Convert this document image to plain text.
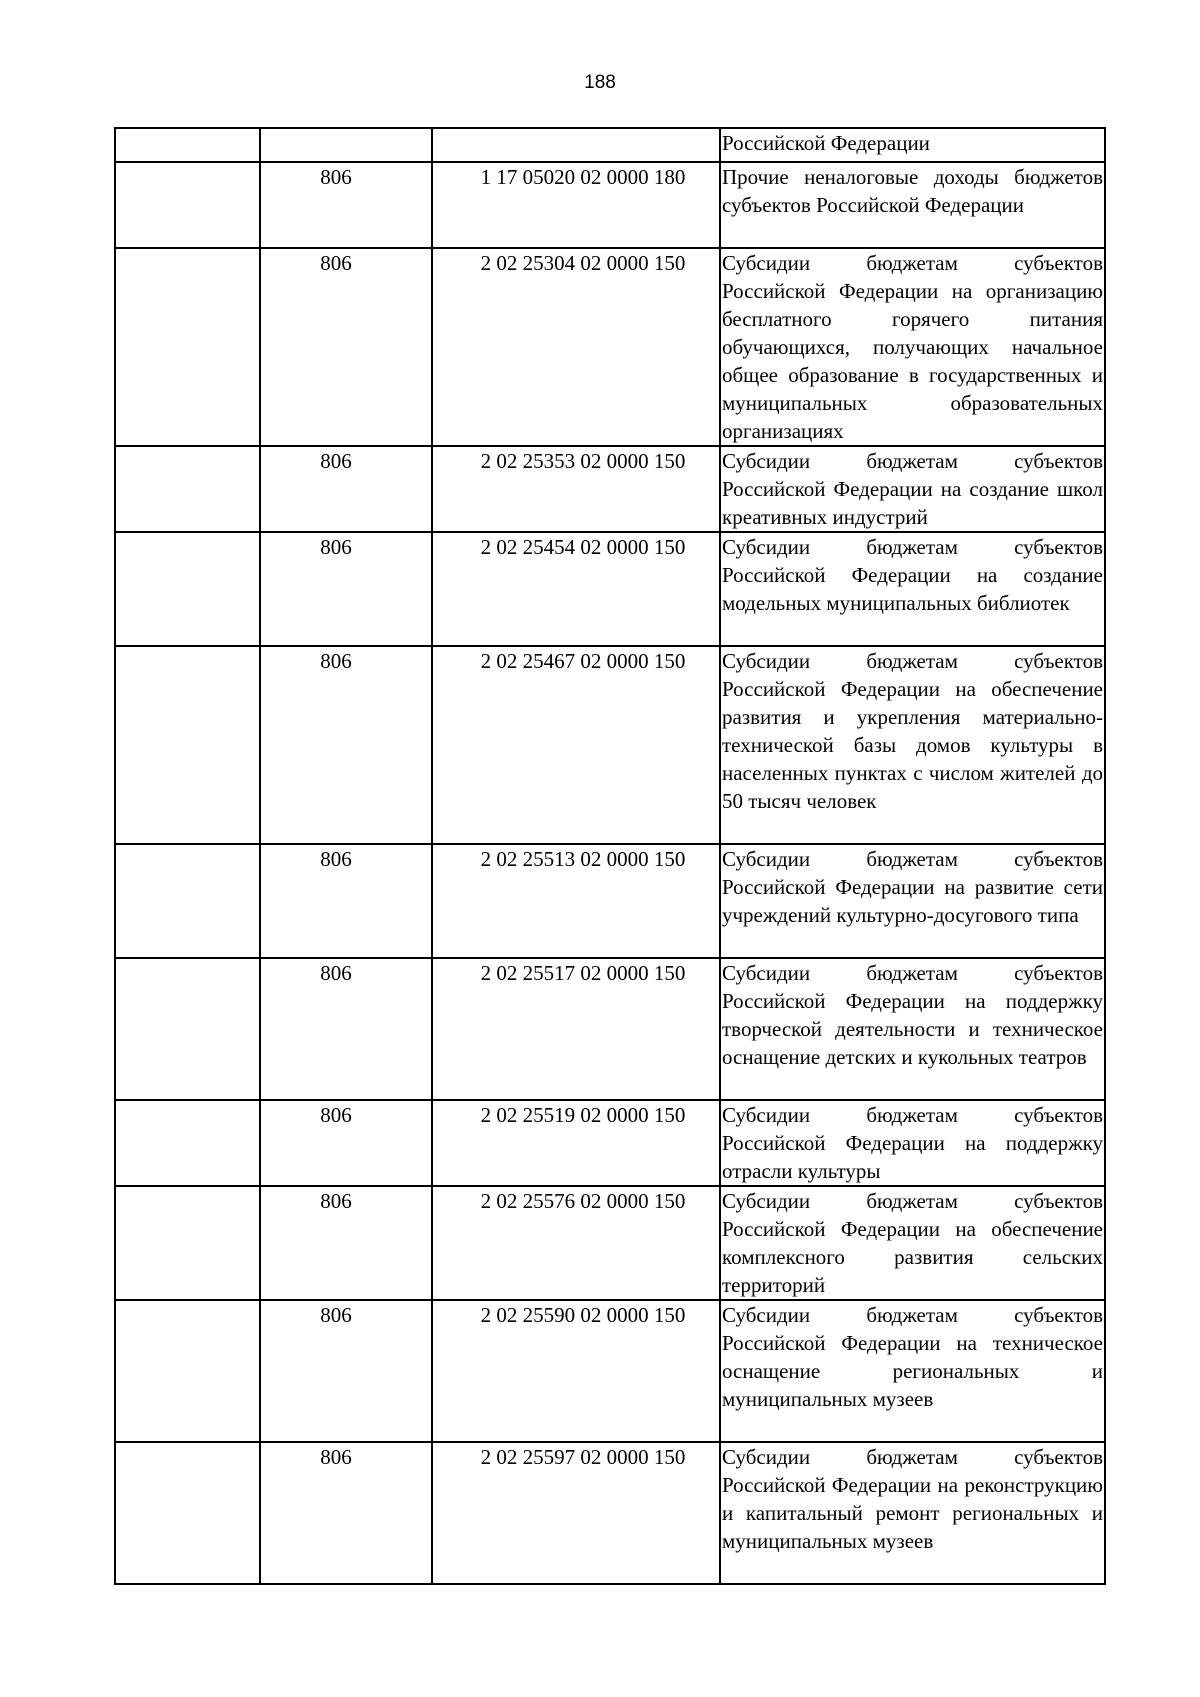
188
			Российской Федерации
	806	1 17 05020 02 0000 180	Прочие неналоговые доходы бюджетов субъектов Российской Федерации
	806	2 02 25304 02 0000 150	Субсидии бюджетам субъектов Российской Федерации на организацию бесплатного горячего питания обучающихся, получающих начальное общее образование в государственных и муниципальных образовательных организациях
	806	2 02 25353 02 0000 150	Субсидии бюджетам субъектов Российской Федерации на создание школ креативных индустрий
	806	2 02 25454 02 0000 150	Субсидии бюджетам субъектов Российской Федерации на создание модельных муниципальных библиотек
	806	2 02 25467 02 0000 150	Субсидии бюджетам субъектов Российской Федерации на обеспечение развития и укрепления материально-технической базы домов культуры в населенных пунктах с числом жителей до 50 тысяч человек
	806	2 02 25513 02 0000 150	Субсидии бюджетам субъектов Российской Федерации на развитие сети учреждений культурно-досугового типа
	806	2 02 25517 02 0000 150	Субсидии бюджетам субъектов Российской Федерации на поддержку творческой деятельности и техническое оснащение детских и кукольных театров
	806	2 02 25519 02 0000 150	Субсидии бюджетам субъектов Российской Федерации на поддержку отрасли культуры
	806	2 02 25576 02 0000 150	Субсидии бюджетам субъектов Российской Федерации на обеспечение комплексного развития сельских территорий
	806	2 02 25590 02 0000 150	Субсидии бюджетам субъектов Российской Федерации на техническое оснащение региональных и муниципальных музеев
	806	2 02 25597 02 0000 150	Субсидии бюджетам субъектов Российской Федерации на реконструкцию и капитальный ремонт региональных и муниципальных музеев
